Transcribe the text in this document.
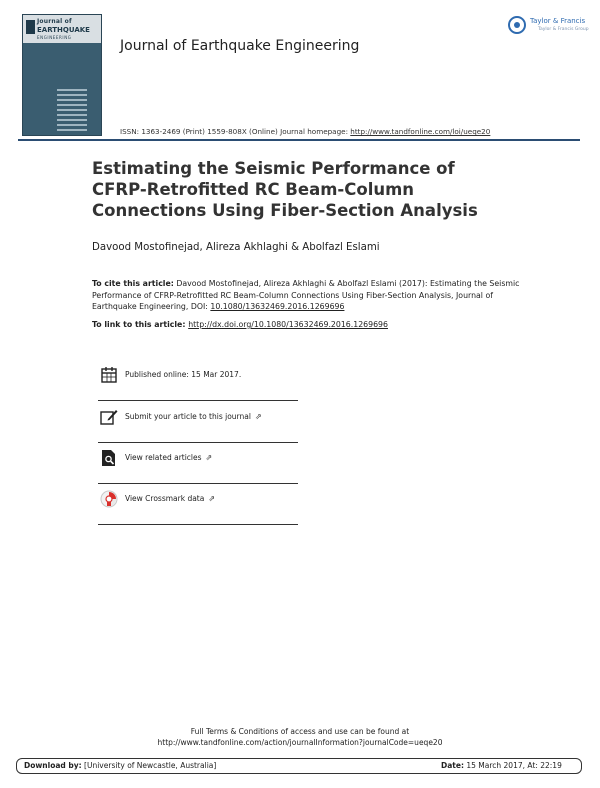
Journal of
EARTHQUAKE
ENGINEERING
Journal of Earthquake Engineering
Taylor & Francis
Taylor & Francis Group
ISSN: 1363-2469 (Print) 1559-808X (Online) Journal homepage: http://www.tandfonline.com/loi/ueqe20
Estimating the Seismic Performance of CFRP-Retrofitted RC Beam-Column Connections Using Fiber-Section Analysis
Davood Mostofinejad, Alireza Akhlaghi & Abolfazl Eslami
To cite this article: Davood Mostofinejad, Alireza Akhlaghi & Abolfazl Eslami (2017): Estimating the Seismic Performance of CFRP-Retrofitted RC Beam-Column Connections Using Fiber-Section Analysis, Journal of Earthquake Engineering, DOI: 10.1080/13632469.2016.1269696
To link to this article: http://dx.doi.org/10.1080/13632469.2016.1269696
Published online: 15 Mar 2017.
Submit your article to this journal ⇗
View related articles ⇗
View Crossmark data ⇗
Full Terms & Conditions of access and use can be found at
http://www.tandfonline.com/action/journalInformation?journalCode=ueqe20
Download by: [University of Newcastle, Australia]	Date: 15 March 2017, At: 22:19
